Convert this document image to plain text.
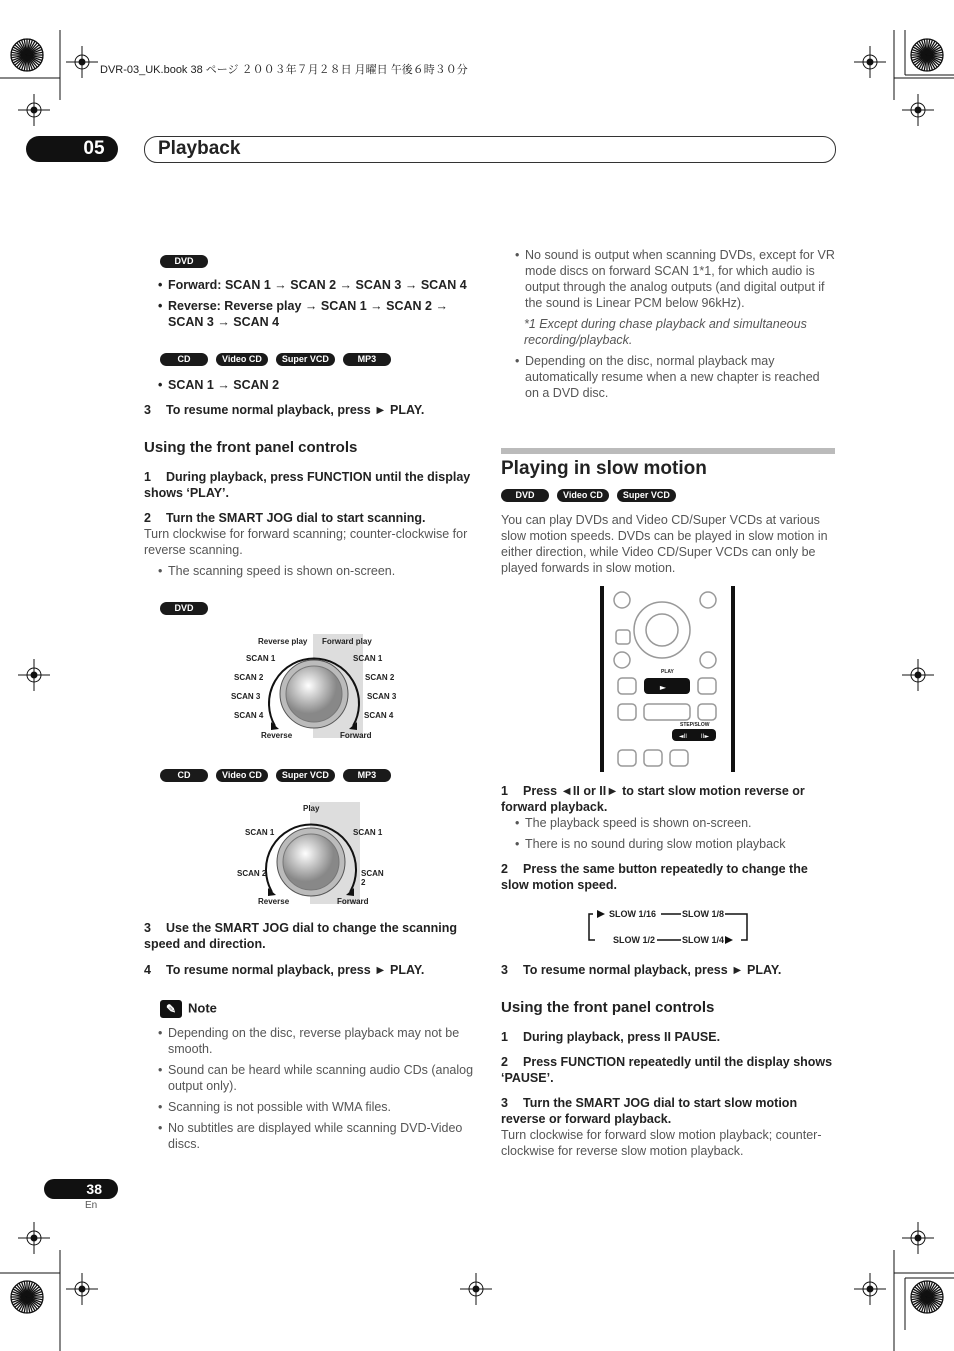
DVR-03_UK.book 38 ページ ２００３年７月２８日 月曜日 午後６時３０分
05	Playback
DVD
• Forward: SCAN 1 → SCAN 2 → SCAN 3 → SCAN 4
• Reverse: Reverse play → SCAN 1 → SCAN 2 → SCAN 3 → SCAN 4
CD	Video CD	Super VCD	MP3
• SCAN 1 → SCAN 2
3 To resume normal playback, press ► PLAY.
Using the front panel controls
1 During playback, press FUNCTION until the display shows ‘PLAY’.
2 Turn the SMART JOG dial to start scanning.
Turn clockwise for forward scanning; counter-clockwise for reverse scanning.
• The scanning speed is shown on-screen.
DVD
Reverse play Forward play
SCAN 1	SCAN 1
SCAN 2	SCAN 2
SCAN 3	SCAN 3
SCAN 4	SCAN 4
Reverse	Forward
CD	Video CD	Super VCD	MP3
Play
SCAN 1	SCAN 1
SCAN 2	SCAN 2
Reverse	Forward
3 Use the SMART JOG dial to change the scanning speed and direction.
4 To resume normal playback, press ► PLAY.
✎ Note
• Depending on the disc, reverse playback may not be smooth.
• Sound can be heard while scanning audio CDs (analog output only).
• Scanning is not possible with WMA files.
• No subtitles are displayed while scanning DVD-Video discs.
• No sound is output when scanning DVDs, except for VR mode discs on forward SCAN 1*1, for which audio is output through the analog outputs (and digital output if the sound is Linear PCM below 96kHz).
*1 Except during chase playback and simultaneous recording/playback.
• Depending on the disc, normal playback may automatically resume when a new chapter is reached on a DVD disc.
Playing in slow motion
DVD	Video CD	Super VCD
You can play DVDs and Video CD/Super VCDs at various slow motion speeds. DVDs can be played in slow motion in either direction, while Video CD/Super VCDs can only be played forwards in slow motion.
►
◄II II►
PLAY
STEP/SLOW
1 Press ◄II or II► to start slow motion reverse or forward playback.
• The playback speed is shown on-screen.
• There is no sound during slow motion playback
2 Press the same button repeatedly to change the slow motion speed.
SLOW 1/16	SLOW 1/8
SLOW 1/2	SLOW 1/4
3 To resume normal playback, press ► PLAY.
Using the front panel controls
1 During playback, press II PAUSE.
2 Press FUNCTION repeatedly until the display shows ‘PAUSE’.
3 Turn the SMART JOG dial to start slow motion reverse or forward playback.
Turn clockwise for forward slow motion playback; counter-clockwise for reverse slow motion playback.
38
En
